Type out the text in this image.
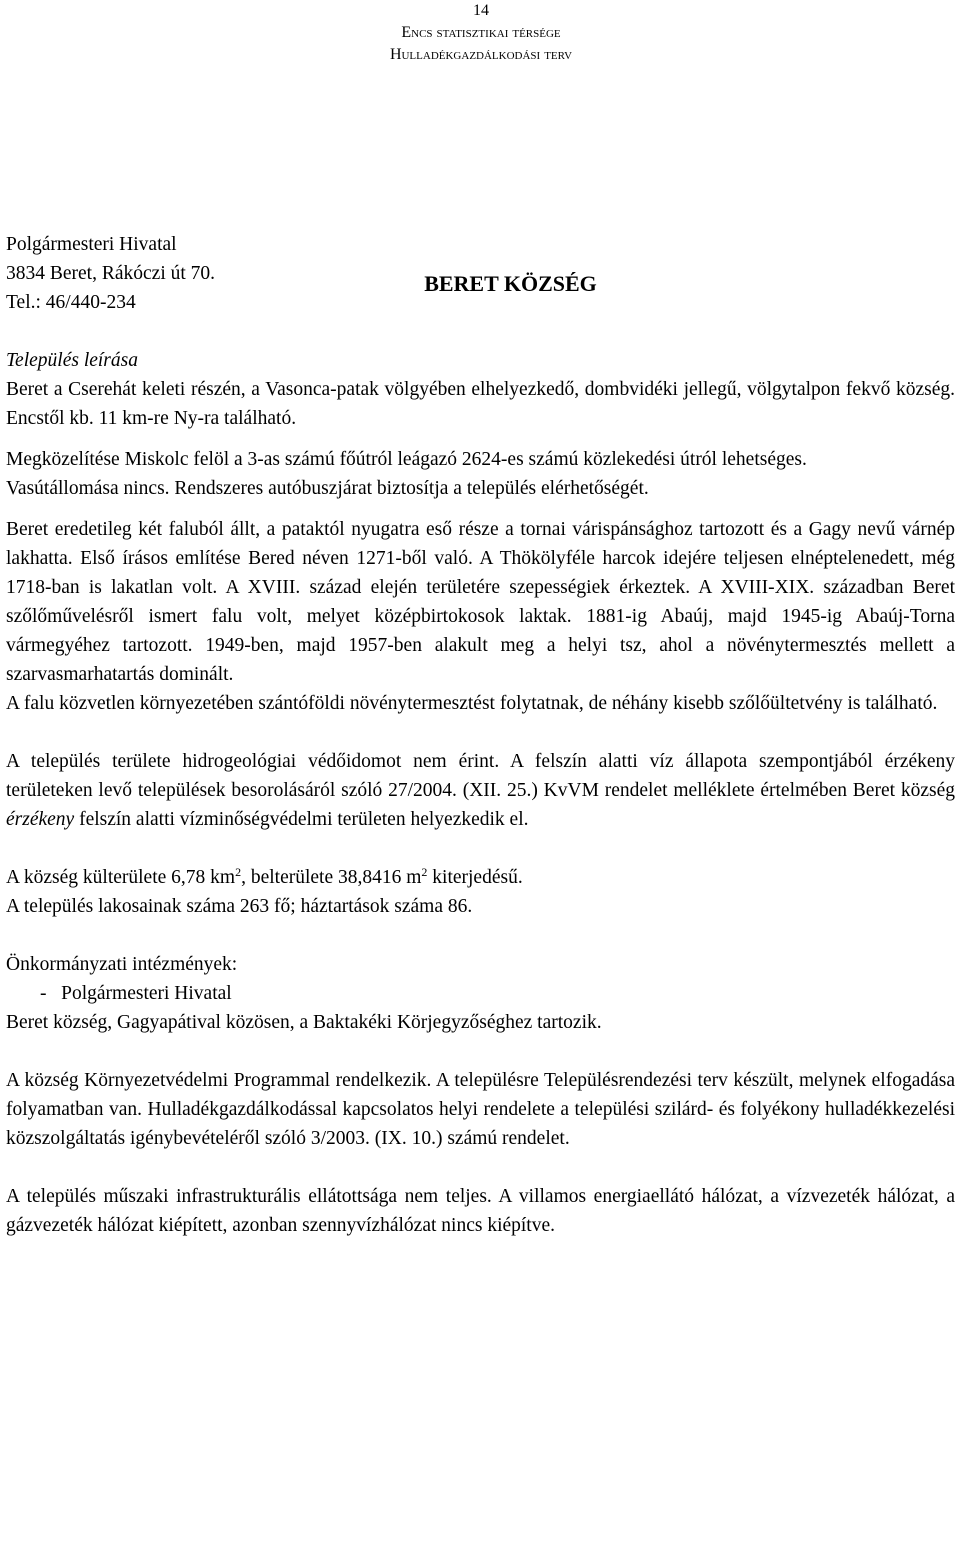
14
Encs statisztikai térsége
Hulladékgazdálkodási terv
BERET KÖZSÉG

Polgármesteri Hivatal

3834 Beret, Rákóczi út 70.

Tel.: 46/440-234

Település leírása

Beret a Cserehát keleti részén, a Vasonca-patak völgyében elhelyezkedő, dombvidéki jellegű, völgytalpon fekvő község. Encstől kb. 11 km-re Ny-ra található.

Megközelítése Miskolc felöl a 3-as számú főútról leágazó 2624-es számú közlekedési útról lehetséges.

Vasútállomása nincs. Rendszeres autóbuszjárat biztosítja a település elérhetőségét.

Beret eredetileg két faluból állt, a pataktól nyugatra eső része a tornai várispánsághoz tartozott és a Gagy nevű várnép lakhatta. Első írásos említése Bered néven 1271-ből való. A Thökölyféle harcok idejére teljesen elnéptelenedett, még 1718-ban is lakatlan volt. A XVIII. század elején területére szepességiek érkeztek. A XVIII-XIX. században Beret szőlőművelésről ismert falu volt, melyet középbirtokosok laktak. 1881-ig Abaúj, majd 1945-ig Abaúj-Torna vármegyéhez tartozott. 1949-ben, majd 1957-ben alakult meg a helyi tsz, ahol a növénytermesztés mellett a szarvasmarhatartás dominált.

A falu közvetlen környezetében szántóföldi növénytermesztést folytatnak, de néhány kisebb szőlőültetvény is található.

A település területe hidrogeológiai védőidomot nem érint. A felszín alatti víz állapota szempontjából érzékeny területeken levő települések besorolásáról szóló 27/2004. (XII. 25.) KvVM rendelet melléklete értelmében Beret község érzékeny felszín alatti vízminőségvédelmi területen helyezkedik el.

A község külterülete 6,78 $km^2$, belterülete 38,8416 $m^2$ kiterjedésű.

A település lakosainak száma 263 fő; háztartások száma 86.

Önkormányzati intézmények:

-   Polgármesteri Hivatal

Beret község, Gagyapátival közösen, a Baktakéki Körjegyzőséghez tartozik.

A község Környezetvédelmi Programmal rendelkezik. A településre Településrendezési terv készült, melynek elfogadása folyamatban van. Hulladékgazdálkodással kapcsolatos helyi rendelete a települési szilárd- és folyékony hulladékkezelési közszolgáltatás igénybevételéről szóló 3/2003. (IX. 10.) számú rendelet.

A település műszaki infrastrukturális ellátottsága nem teljes. A villamos energiaellátó hálózat, a vízvezeték hálózat, a gázvezeték hálózat kiépített, azonban szennyvízhálózat nincs kiépítve.
